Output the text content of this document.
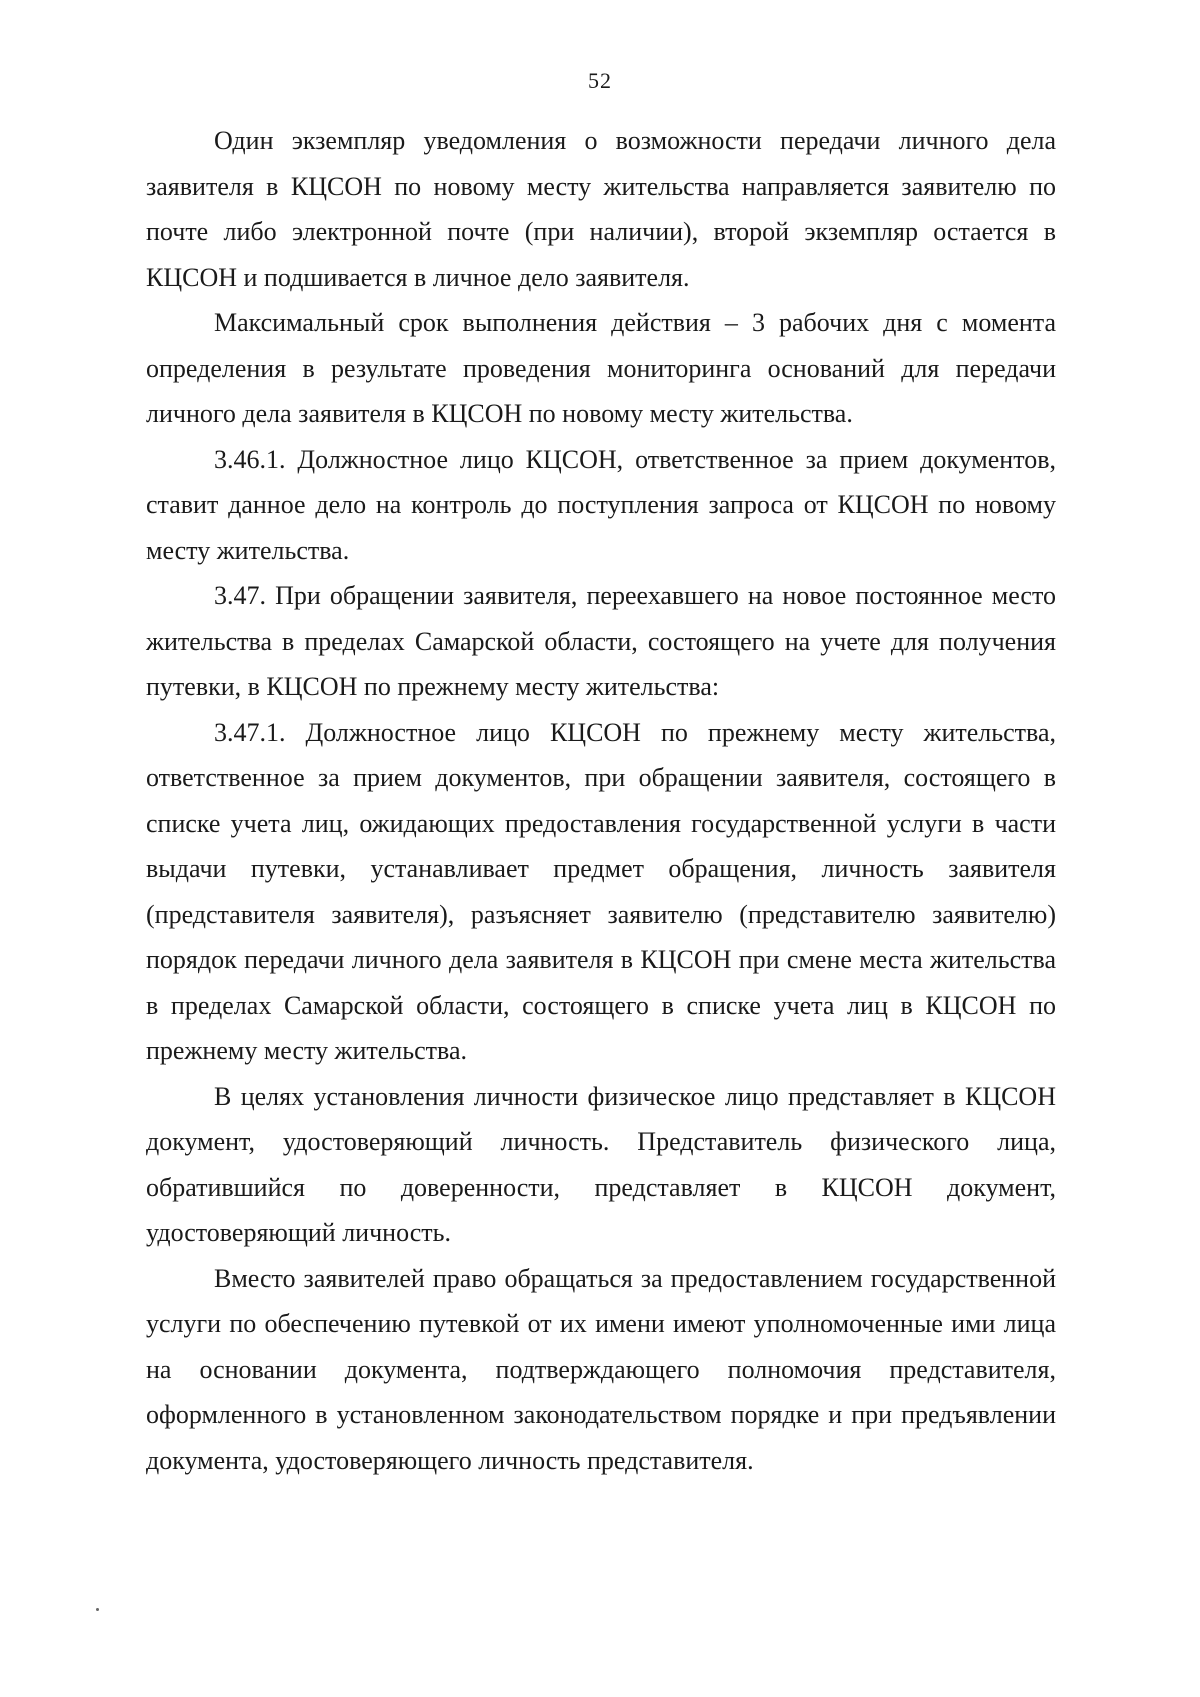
52

Один экземпляр уведомления о возможности передачи личного дела заявителя в КЦСОН по новому месту жительства направляется заявителю по почте либо электронной почте (при наличии), второй экземпляр остается в КЦСОН и подшивается в личное дело заявителя.

Максимальный срок выполнения действия – 3 рабочих дня с момента определения в результате проведения мониторинга оснований для передачи личного дела заявителя в КЦСОН по новому месту жительства.

3.46.1. Должностное лицо КЦСОН, ответственное за прием документов, ставит данное дело на контроль до поступления запроса от КЦСОН по новому месту жительства.

3.47. При обращении заявителя, переехавшего на новое постоянное место жительства в пределах Самарской области, состоящего на учете для получения путевки, в КЦСОН по прежнему месту жительства:

3.47.1. Должностное лицо КЦСОН по прежнему месту жительства, ответственное за прием документов, при обращении заявителя, состоящего в списке учета лиц, ожидающих предоставления государственной услуги в части выдачи путевки, устанавливает предмет обращения, личность заявителя (представителя заявителя), разъясняет заявителю (представителю заявителю) порядок передачи личного дела заявителя в КЦСОН при смене места жительства в пределах Самарской области, состоящего в списке учета лиц в КЦСОН по прежнему месту жительства.

В целях установления личности физическое лицо представляет в КЦСОН документ, удостоверяющий личность. Представитель физического лица, обратившийся по доверенности, представляет в КЦСОН документ, удостоверяющий личность.

Вместо заявителей право обращаться за предоставлением государственной услуги по обеспечению путевкой от их имени имеют уполномоченные ими лица на основании документа, подтверждающего полномочия представителя, оформленного в установленном законодательством порядке и при предъявлении документа, удостоверяющего личность представителя.
